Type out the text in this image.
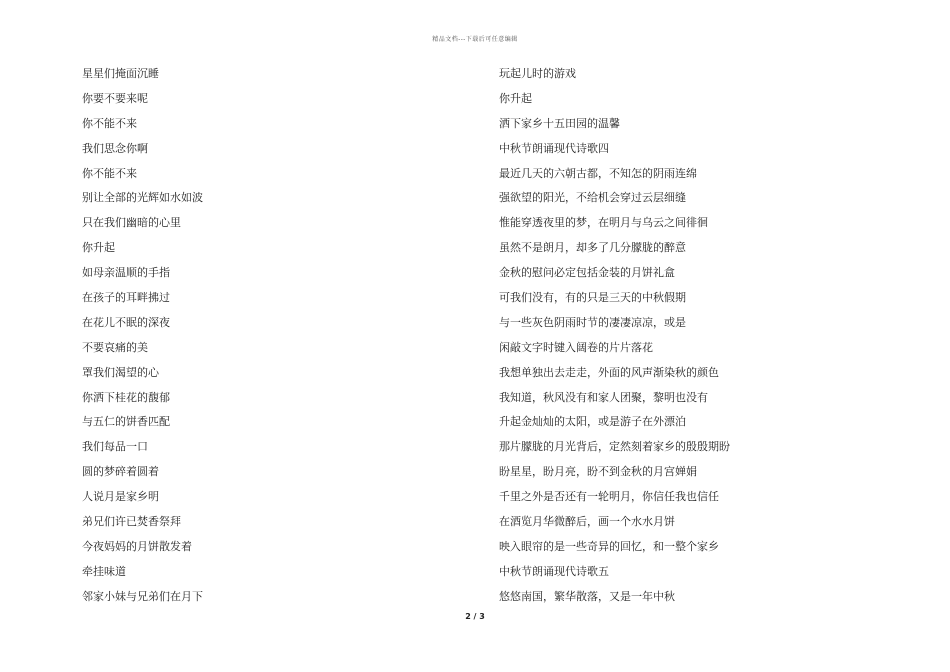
精品文档---下载后可任意编辑
星星们掩面沉睡
你要不要来呢
你不能不来
我们思念你啊
你不能不来
别让全部的光辉如水如波
只在我们幽暗的心里
你升起
如母亲温顺的手指
在孩子的耳畔拂过
在花儿不眠的深夜
不要哀痛的美
罩我们渴望的心
你洒下桂花的馥郁
与五仁的饼香匹配
我们每品一口
圆的梦碎着圆着
人说月是家乡明
弟兄们许已焚香祭拜
今夜妈妈的月饼散发着
牵挂味道
邻家小妹与兄弟们在月下
玩起儿时的游戏
你升起
洒下家乡十五田园的温馨
中秋节朗诵现代诗歌四
最近几天的六朝古都，不知怎的阴雨连绵
强欲望的阳光，不给机会穿过云层细缝
惟能穿透夜里的梦，在明月与乌云之间徘徊
虽然不是朗月，却多了几分朦胧的醉意
金秋的慰问必定包括金装的月饼礼盒
可我们没有，有的只是三天的中秋假期
与一些灰色阴雨时节的凄凄凉凉，或是
闲敲文字时键入阔卷的片片落花
我想单独出去走走，外面的风声渐染秋的颜色
我知道，秋风没有和家人团聚，黎明也没有
升起金灿灿的太阳，或是游子在外漂泊
那片朦胧的月光背后，定然刻着家乡的殷殷期盼
盼星星，盼月亮，盼不到金秋的月宫婵娟
千里之外是否还有一轮明月，你信任我也信任
在酒览月华微醉后，画一个水水月饼
映入眼帘的是一些奇异的回忆，和一整个家乡
中秋节朗诵现代诗歌五
悠悠南国，繁华散落，又是一年中秋
2 / 3
